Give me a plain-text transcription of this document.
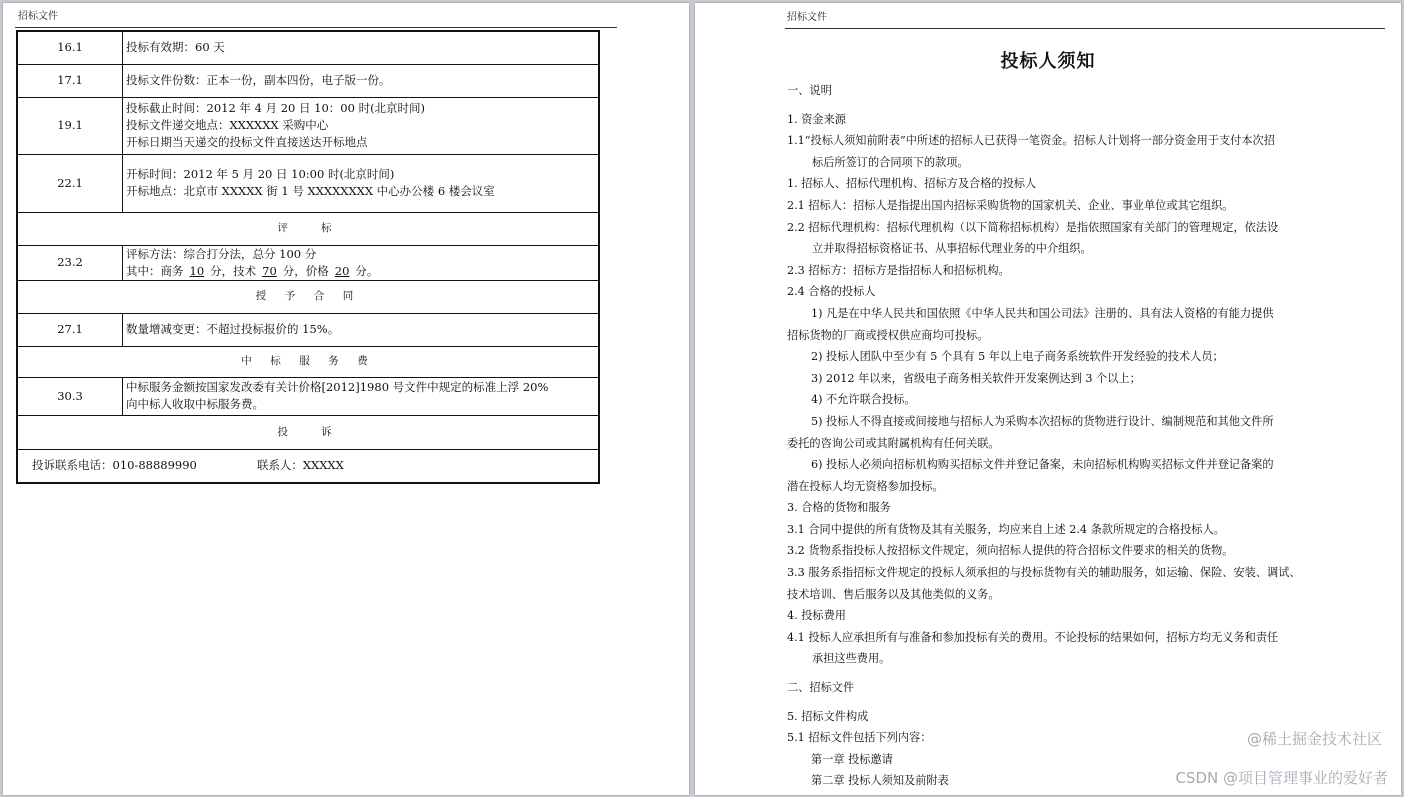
招标文件
16.1	投标有效期：60 天

17.1	投标文件份数：正本一份，副本四份，电子版一份。

19.1	投标截止时间：2012 年 4 月 20 日 10：00 时(北京时间)
投标文件递交地点：XXXXXX 采购中心
开标日期当天递交的投标文件直接送达开标地点

22.1	开标时间：2012 年 5 月 20 日 10:00 时(北京时间)
开标地点：北京市 XXXXX 街 1 号 XXXXXXXX 中心办公楼 6 楼会议室

评　　标	
23.2	评标方法：综合打分法，总分 100 分
其中：商务 10 分，技术 70 分，价格 20 分。

授　予　合　同	
27.1	数量增减变更：不超过投标报价的 15%。

中　标　服　务　费	
30.3	中标服务金额按国家发改委有关计价格[2012]1980 号文件中规定的标准上浮 20%
向中标人收取中标服务费。

投　　诉	
投诉联系电话：010-88889990 联系人：XXXXX	
招标文件
投标人须知

一、说明

1. 资金来源

1.1“投标人须知前附表”中所述的招标人已获得一笔资金。招标人计划将一部分资金用于支付本次招

标后所签订的合同项下的款项。

1. 招标人、招标代理机构、招标方及合格的投标人

2.1 招标人：招标人是指提出国内招标采购货物的国家机关、企业、事业单位或其它组织。

2.2 招标代理机构：招标代理机构（以下简称招标机构）是指依照国家有关部门的管理规定，依法设

立并取得招标资格证书、从事招标代理业务的中介组织。

2.3 招标方：招标方是指招标人和招标机构。

2.4 合格的投标人

1) 凡是在中华人民共和国依照《中华人民共和国公司法》注册的、具有法人资格的有能力提供

招标货物的厂商或授权供应商均可投标。

2) 投标人团队中至少有 5 个具有 5 年以上电子商务系统软件开发经验的技术人员；

3) 2012 年以来，省级电子商务相关软件开发案例达到 3 个以上；

4) 不允许联合投标。

5) 投标人不得直接或间接地与招标人为采购本次招标的货物进行设计、编制规范和其他文件所

委托的咨询公司或其附属机构有任何关联。

6) 投标人必须向招标机构购买招标文件并登记备案，未向招标机构购买招标文件并登记备案的

潜在投标人均无资格参加投标。

3. 合格的货物和服务

3.1 合同中提供的所有货物及其有关服务，均应来自上述 2.4 条款所规定的合格投标人。

3.2 货物系指投标人按招标文件规定，须向招标人提供的符合招标文件要求的相关的货物。

3.3 服务系指招标文件规定的投标人须承担的与投标货物有关的辅助服务，如运输、保险、安装、调试、

技术培训、售后服务以及其他类似的义务。

4. 投标费用

4.1 投标人应承担所有与准备和参加投标有关的费用。不论投标的结果如何，招标方均无义务和责任

承担这些费用。

二、招标文件

5. 招标文件构成

5.1 招标文件包括下列内容：

第一章 投标邀请

第二章 投标人须知及前附表

@稀土掘金技术社区
CSDN @项目管理事业的爱好者
